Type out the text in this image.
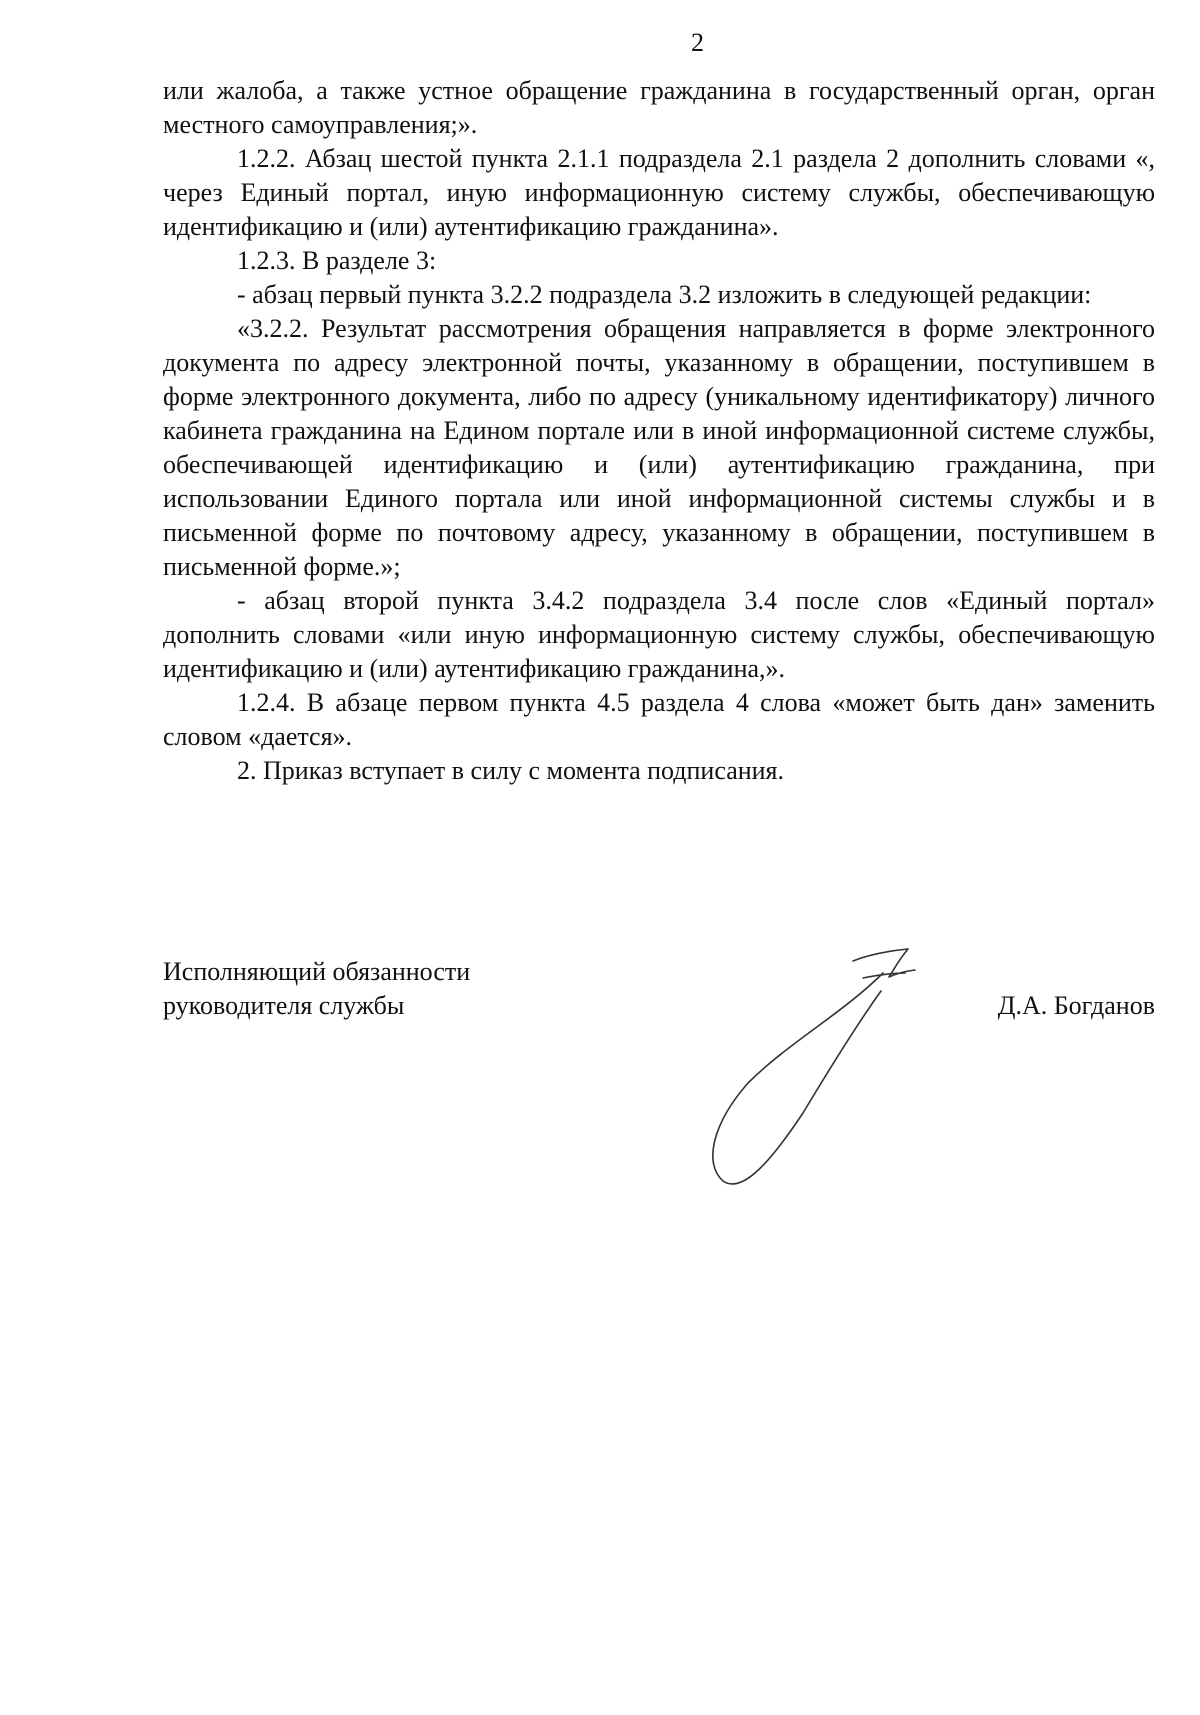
2

или жалоба, а также устное обращение гражданина в государственный орган, орган местного самоуправления;».

1.2.2. Абзац шестой пункта 2.1.1 подраздела 2.1 раздела 2 дополнить словами «, через Единый портал, иную информационную систему службы, обеспечивающую идентификацию и (или) аутентификацию гражданина».

1.2.3. В разделе 3:

- абзац первый пункта 3.2.2 подраздела 3.2 изложить в следующей редакции:

«3.2.2. Результат рассмотрения обращения направляется в форме электронного документа по адресу электронной почты, указанному в обращении, поступившем в форме электронного документа, либо по адресу (уникальному идентификатору) личного кабинета гражданина на Едином портале или в иной информационной системе службы, обеспечивающей идентификацию и (или) аутентификацию гражданина, при использовании Единого портала или иной информационной системы службы и в письменной форме по почтовому адресу, указанному в обращении, поступившем в письменной форме.»;

- абзац второй пункта 3.4.2 подраздела 3.4 после слов «Единый портал» дополнить словами «или иную информационную систему службы, обеспечивающую идентификацию и (или) аутентификацию гражданина,».

1.2.4. В абзаце первом пункта 4.5 раздела 4 слова «может быть дан» заменить словом «дается».

2. Приказ вступает в силу с момента подписания.

Исполняющий обязанности
руководителя службы	Д.А. Богданов
